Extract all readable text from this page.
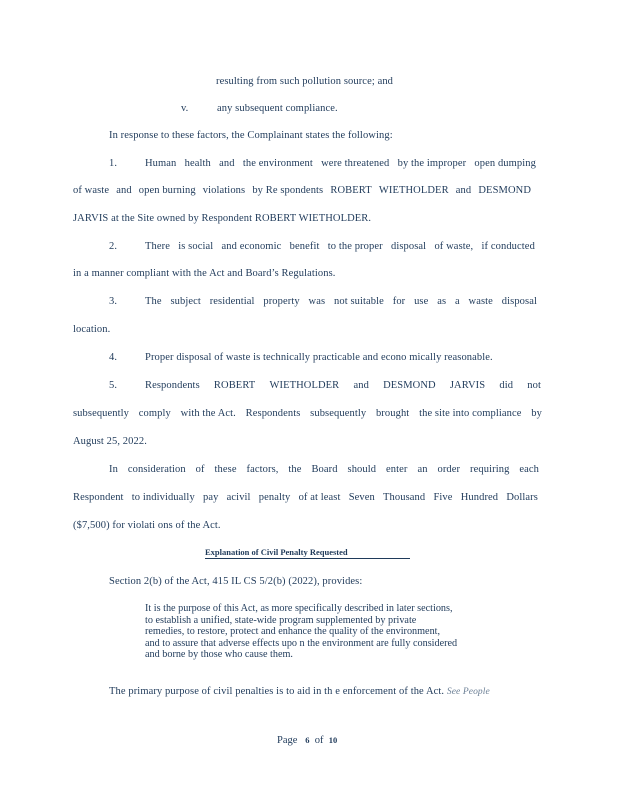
resulting from such pollution source; and
v.	any subsequent compliance.
In response to these factors, the Complainant states the following:
1.	Human health and the environment were threatened by the improper open dumping
of waste and open burning violations by Re spondents ROBERT WIETHOLDER and DESMOND
JARVIS at the Site owned by Respondent ROBERT WIETHOLDER.
2.	There is social and economic benefit to the proper disposal of waste, if conducted
in a manner compliant with the Act and Board’s Regulations.
3.	The subject residential property was not suitable for use as a waste disposal
location.
4.	Proper disposal of waste is technically practicable and econo mically reasonable.
5.	Respondents ROBERT WIETHOLDER and DESMOND JARVIS did not
subsequently comply with the Act. Respondents subsequently brought the site into compliance by
August 25, 2022.
In consideration of these factors, the Board should enter an order requiring each
Respondent to individually pay acivil penalty of at least Seven Thousand Five Hundred Dollars
($7,500) for violati ons of the Act.
Explanation of Civil Penalty Requested
Section 2(b) of the Act, 415 IL CS 5/2(b) (2022), provides:
It is the purpose of this Act, as more specifically described in later sections,
to establish a unified, state-wide program supplemented by private
remedies, to restore, protect and enhance the quality of the environment,
and to assure that adverse effects upo n the environment are fully considered
and borne by those who cause them.
The primary purpose of civil penalties is to aid in th e enforcement of the Act. See People
Page 6 of 10
